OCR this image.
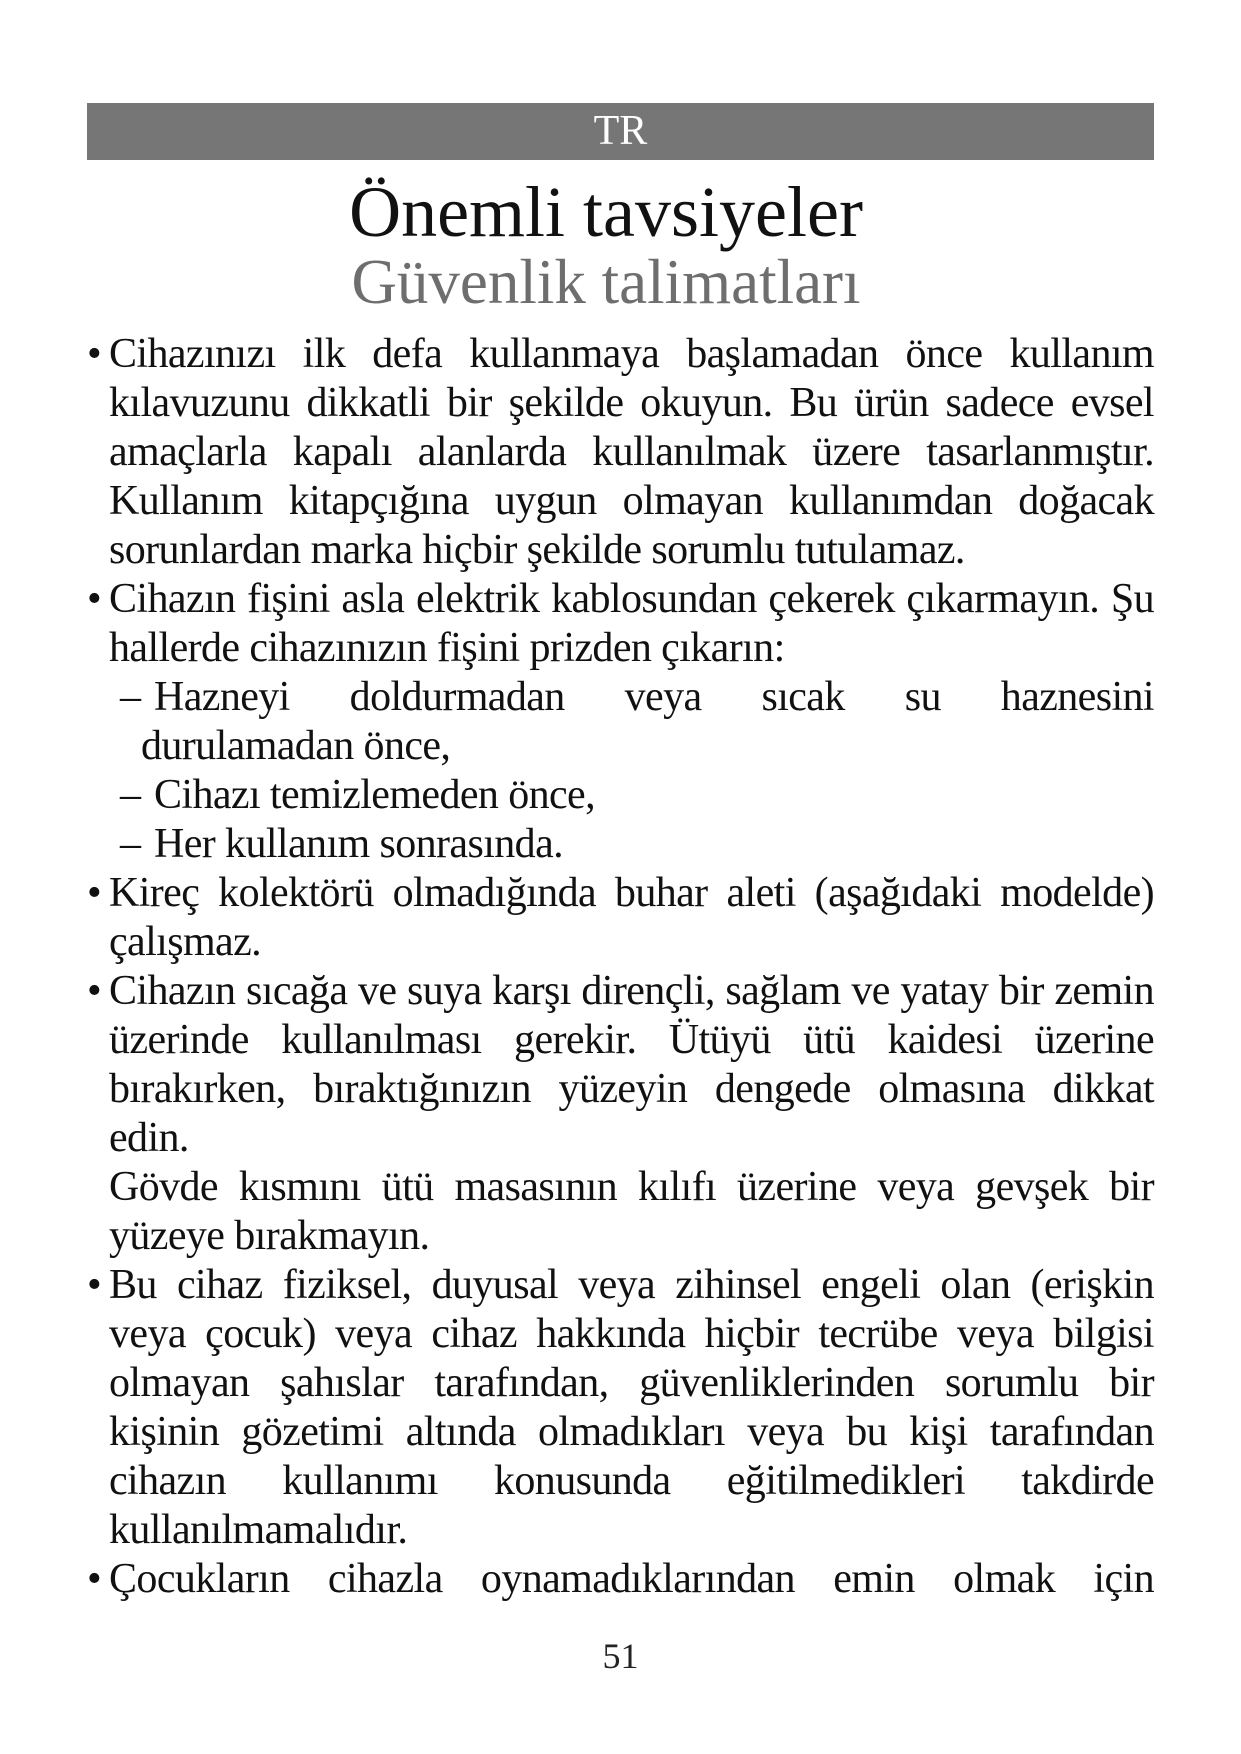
TR
Önemli tavsiyeler
Güvenlik talimatları
• Cihazınızı ilk defa kullanmaya başlamadan önce kullanım kılavuzunu dikkatli bir şekilde okuyun. Bu ürün sadece evsel amaçlarla kapalı alanlarda kullanılmak üzere tasarlanmıştır. Kullanım kitapçığına uygun olmayan kullanımdan doğacak sorunlardan marka hiçbir şekilde sorumlu tutulamaz.

• Cihazın fişini asla elektrik kablosundan çekerek çıkarmayın. Şu hallerde cihazınızın fişini prizden çıkarın:

– Hazneyi doldurmadan veya sıcak su haznesini
durulamadan önce,
– Cihazı temizlemeden önce,
– Her kullanım sonrasında.
• Kireç kolektörü olmadığında buhar aleti (aşağıdaki modelde) çalışmaz.

• Cihazın sıcağa ve suya karşı dirençli, sağlam ve yatay bir zemin üzerinde kullanılması gerekir. Ütüyü ütü kaidesi üzerine bırakırken, bıraktığınızın yüzeyin dengede olmasına dikkat edin.

Gövde kısmını ütü masasının kılıfı üzerine veya gevşek bir yüzeye bırakmayın.

• Bu cihaz fiziksel, duyusal veya zihinsel engeli olan (erişkin veya çocuk) veya cihaz hakkında hiçbir tecrübe veya bilgisi olmayan şahıslar tarafından, güvenliklerinden sorumlu bir kişinin gözetimi altında olmadıkları veya bu kişi tarafından cihazın kullanımı konusunda eğitilmedikleri takdirde kullanılmamalıdır.

• Çocukların cihazla oynamadıklarından emin olmak için

51
